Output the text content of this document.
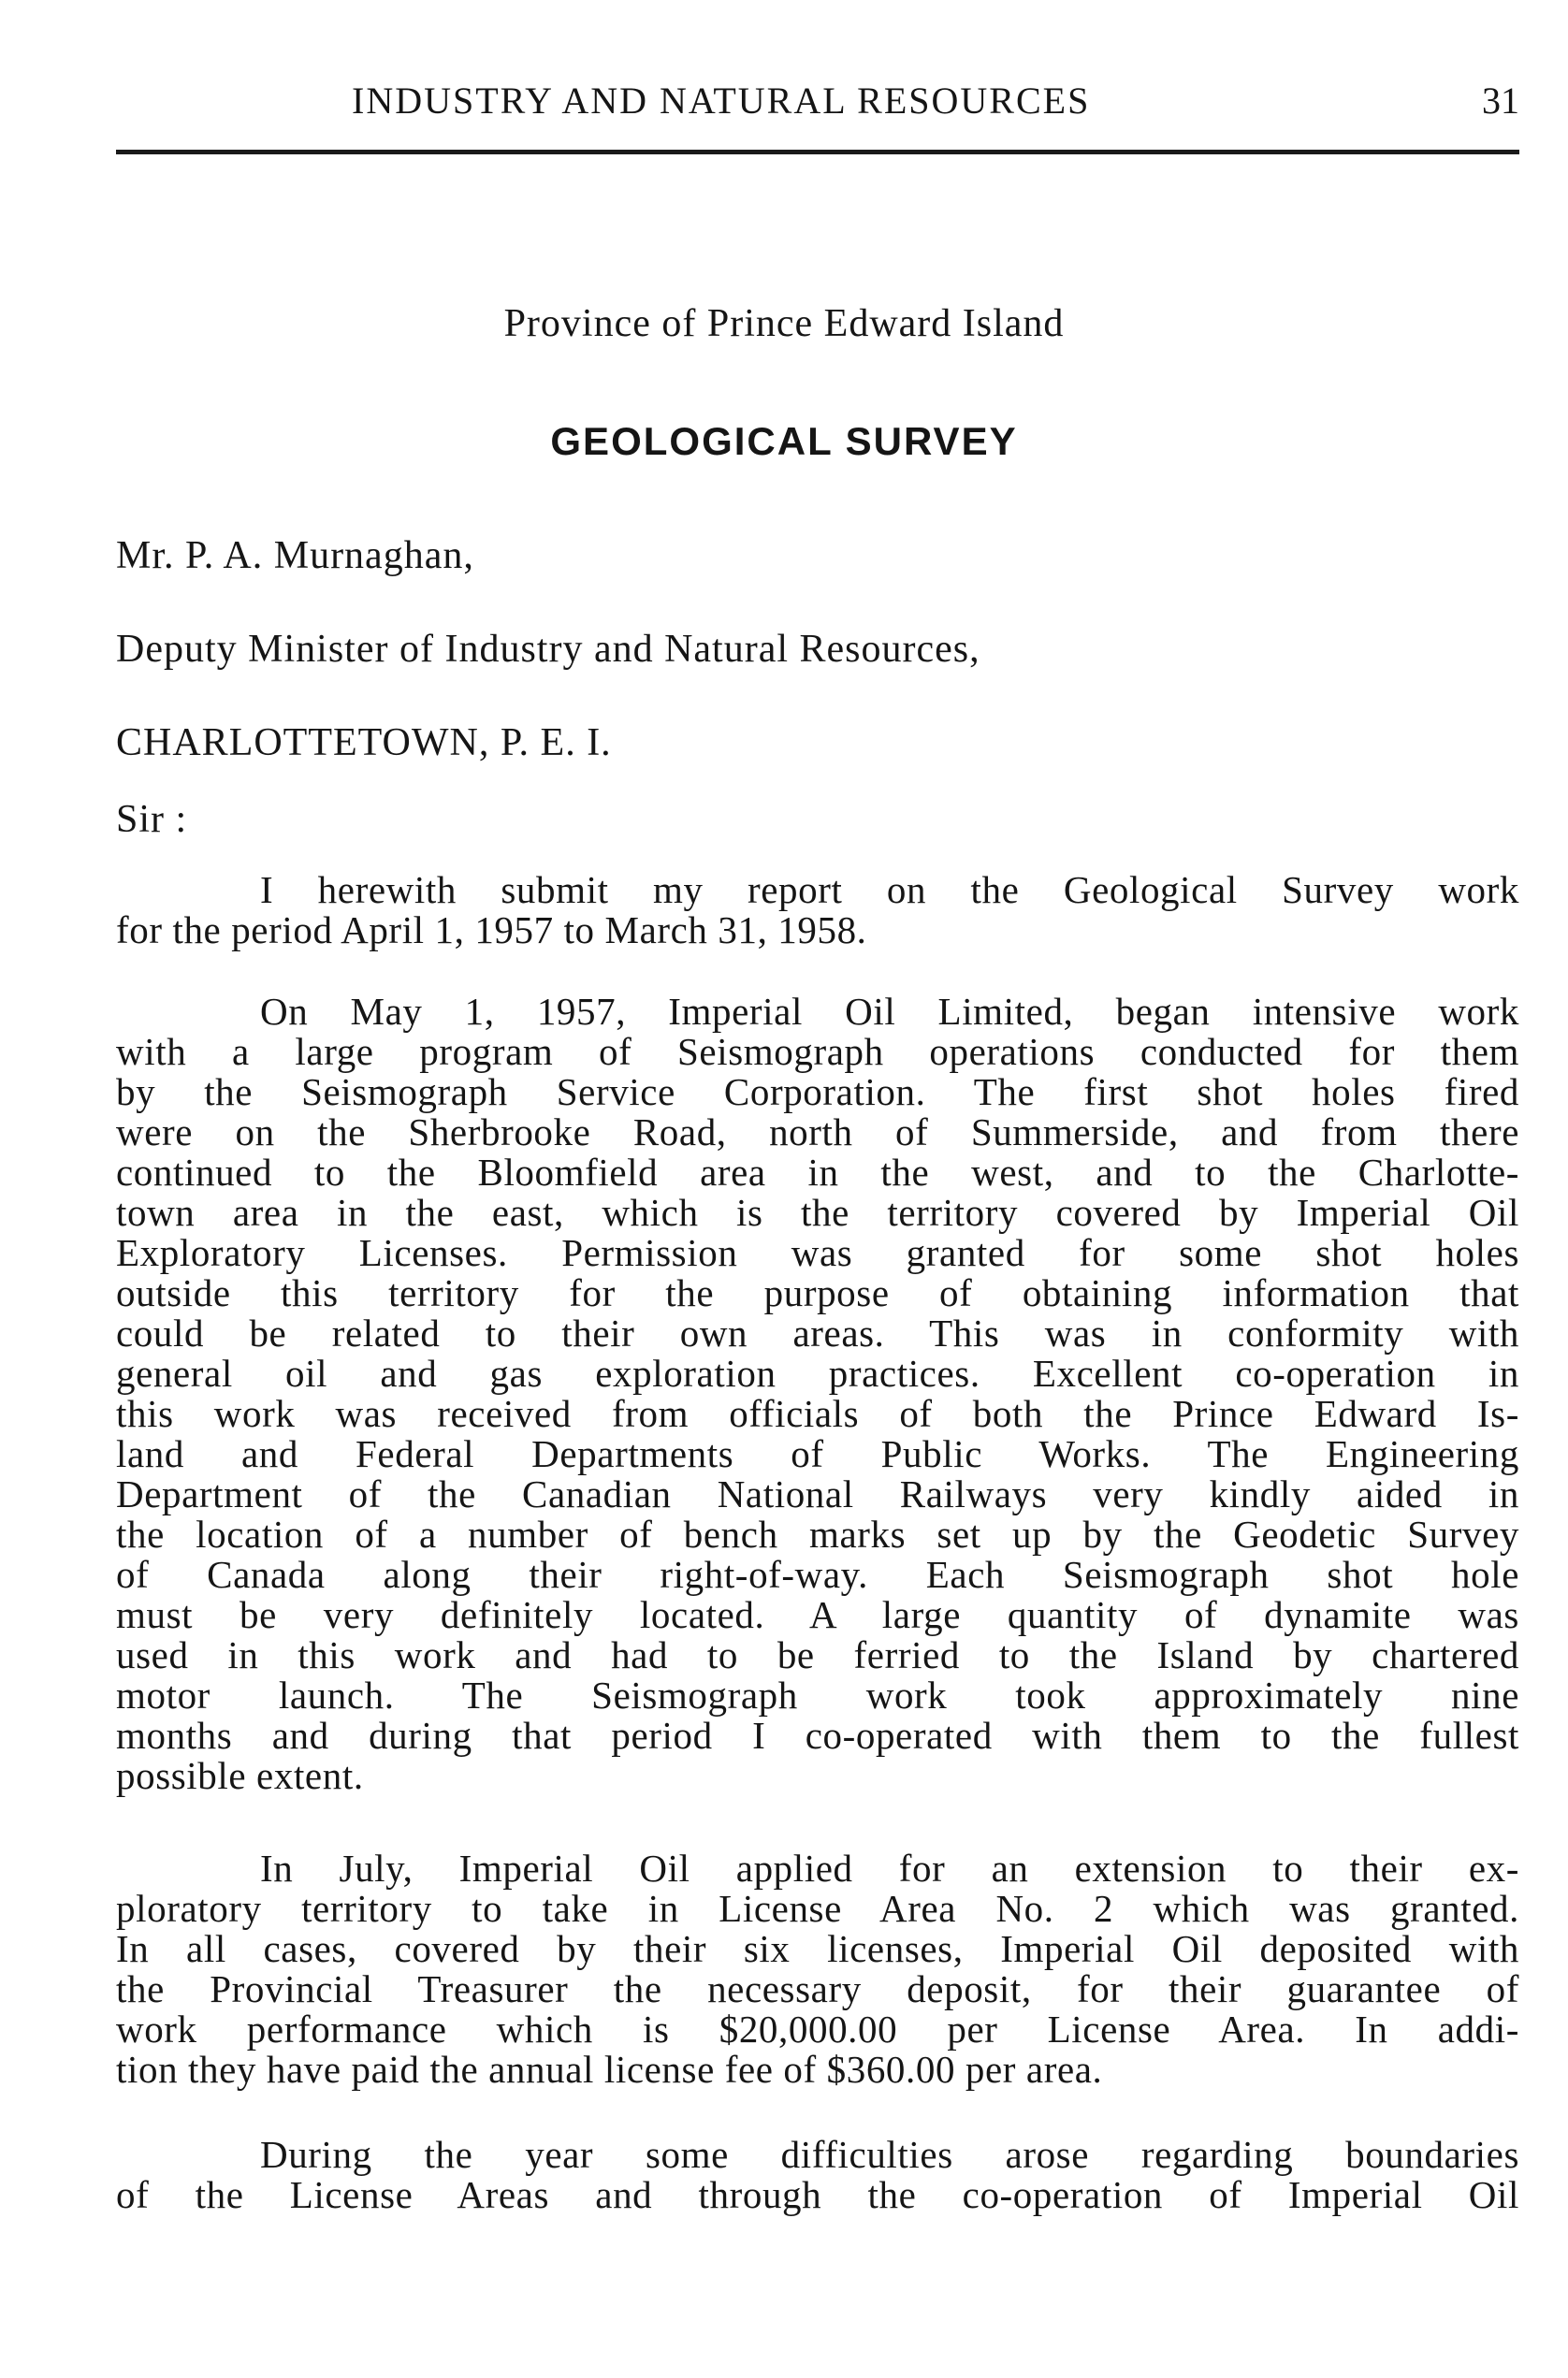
INDUSTRY AND NATURAL RESOURCES	31
Province of Prince Edward Island
GEOLOGICAL SURVEY
Mr. P. A. Murnaghan,
Deputy Minister of Industry and Natural Resources,
CHARLOTTETOWN, P. E. I.
Sir :
I herewith submit my report on the Geological Survey work
for the period April 1, 1957 to March 31, 1958.
On May 1, 1957, Imperial Oil Limited, began intensive work
with a large program of Seismograph operations conducted for them
by the Seismograph Service Corporation. The first shot holes fired
were on the Sherbrooke Road, north of Summerside, and from there
continued to the Bloomfield area in the west, and to the Charlotte-
town area in the east, which is the territory covered by Imperial Oil
Exploratory Licenses. Permission was granted for some shot holes
outside this territory for the purpose of obtaining information that
could be related to their own areas. This was in conformity with
general oil and gas exploration practices. Excellent co-operation in
this work was received from officials of both the Prince Edward Is-
land and Federal Departments of Public Works. The Engineering
Department of the Canadian National Railways very kindly aided in
the location of a number of bench marks set up by the Geodetic Survey
of Canada along their right-of-way. Each Seismograph shot hole
must be very definitely located. A large quantity of dynamite was
used in this work and had to be ferried to the Island by chartered
motor launch. The Seismograph work took approximately nine
months and during that period I co-operated with them to the fullest
possible extent.
In July, Imperial Oil applied for an extension to their ex-
ploratory territory to take in License Area No. 2 which was granted.
In all cases, covered by their six licenses, Imperial Oil deposited with
the Provincial Treasurer the necessary deposit, for their guarantee of
work performance which is $20,000.00 per License Area. In addi-
tion they have paid the annual license fee of $360.00 per area.
During the year some difficulties arose regarding boundaries
of the License Areas and through the co-operation of Imperial Oil
